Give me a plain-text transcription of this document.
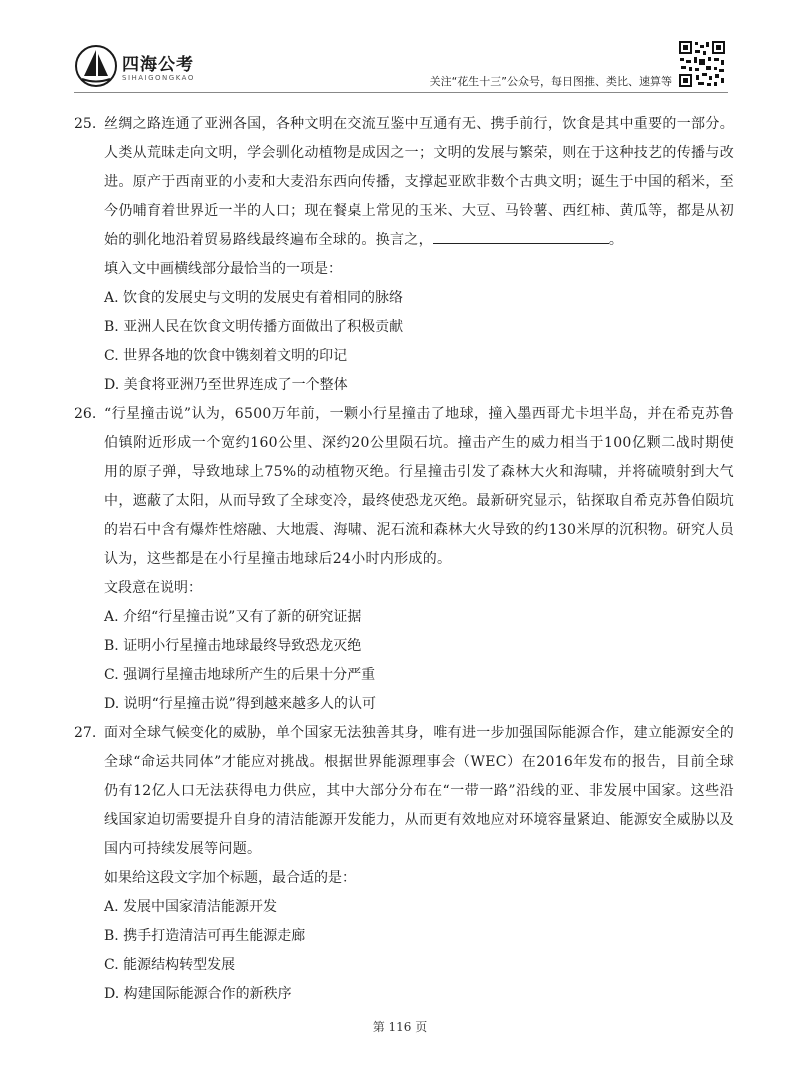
四海公考
SIHAIGONGKAO	关注“花生十三”公众号，每日图推、类比、速算等
25. 丝绸之路连通了亚洲各国，各种文明在交流互鉴中互通有无、携手前行，饮食是其中重要的一部分。人类从荒昧走向文明，学会驯化动植物是成因之一；文明的发展与繁荣，则在于这种技艺的传播与改进。原产于西南亚的小麦和大麦沿东西向传播，支撑起亚欧非数个古典文明；诞生于中国的稻米，至今仍哺育着世界近一半的人口；现在餐桌上常见的玉米、大豆、马铃薯、西红柿、黄瓜等，都是从初始的驯化地沿着贸易路线最终遍布全球的。换言之，	。
填入文中画横线部分最恰当的一项是：
A. 饮食的发展史与文明的发展史有着相同的脉络
B. 亚洲人民在饮食文明传播方面做出了积极贡献
C. 世界各地的饮食中镌刻着文明的印记
D. 美食将亚洲乃至世界连成了一个整体
26. “行星撞击说”认为，6500万年前，一颗小行星撞击了地球，撞入墨西哥尤卡坦半岛，并在希克苏鲁伯镇附近形成一个宽约160公里、深约20公里陨石坑。撞击产生的威力相当于100亿颗二战时期使用的原子弹，导致地球上75%的动植物灭绝。行星撞击引发了森林大火和海啸，并将硫喷射到大气中，遮蔽了太阳，从而导致了全球变冷，最终使恐龙灭绝。最新研究显示，钻探取自希克苏鲁伯陨坑的岩石中含有爆炸性熔融、大地震、海啸、泥石流和森林大火导致的约130米厚的沉积物。研究人员认为，这些都是在小行星撞击地球后24小时内形成的。
文段意在说明：
A. 介绍“行星撞击说”又有了新的研究证据
B. 证明小行星撞击地球最终导致恐龙灭绝
C. 强调行星撞击地球所产生的后果十分严重
D. 说明“行星撞击说”得到越来越多人的认可
27. 面对全球气候变化的威胁，单个国家无法独善其身，唯有进一步加强国际能源合作，建立能源安全的全球“命运共同体”才能应对挑战。根据世界能源理事会（WEC）在2016年发布的报告，目前全球仍有12亿人口无法获得电力供应，其中大部分分布在“一带一路”沿线的亚、非发展中国家。这些沿线国家迫切需要提升自身的清洁能源开发能力，从而更有效地应对环境容量紧迫、能源安全威胁以及国内可持续发展等问题。
如果给这段文字加个标题，最合适的是：
A. 发展中国家清洁能源开发
B. 携手打造清洁可再生能源走廊
C. 能源结构转型发展
D. 构建国际能源合作的新秩序
第 116 页
